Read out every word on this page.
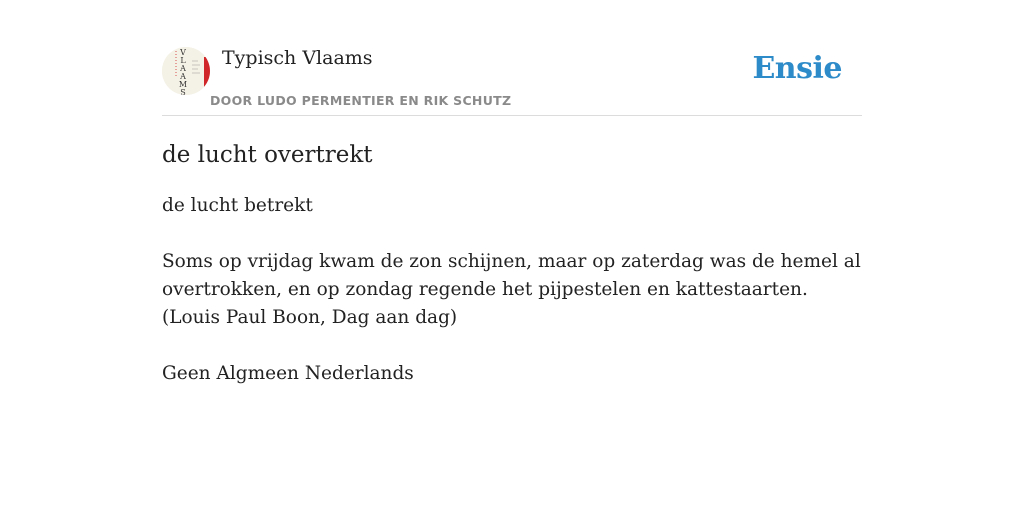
V
L
A
A
M
S
Typisch Vlaams
DOOR LUDO PERMENTIER EN RIK SCHUTZ
Ensie
de lucht overtrekt

de lucht betrekt

Soms op vrijdag kwam de zon schijnen, maar op zaterdag was de hemel al overtrokken, en op zondag regende het pijpestelen en kattestaarten.

(Louis Paul Boon, Dag aan dag)

Geen Algmeen Nederlands
